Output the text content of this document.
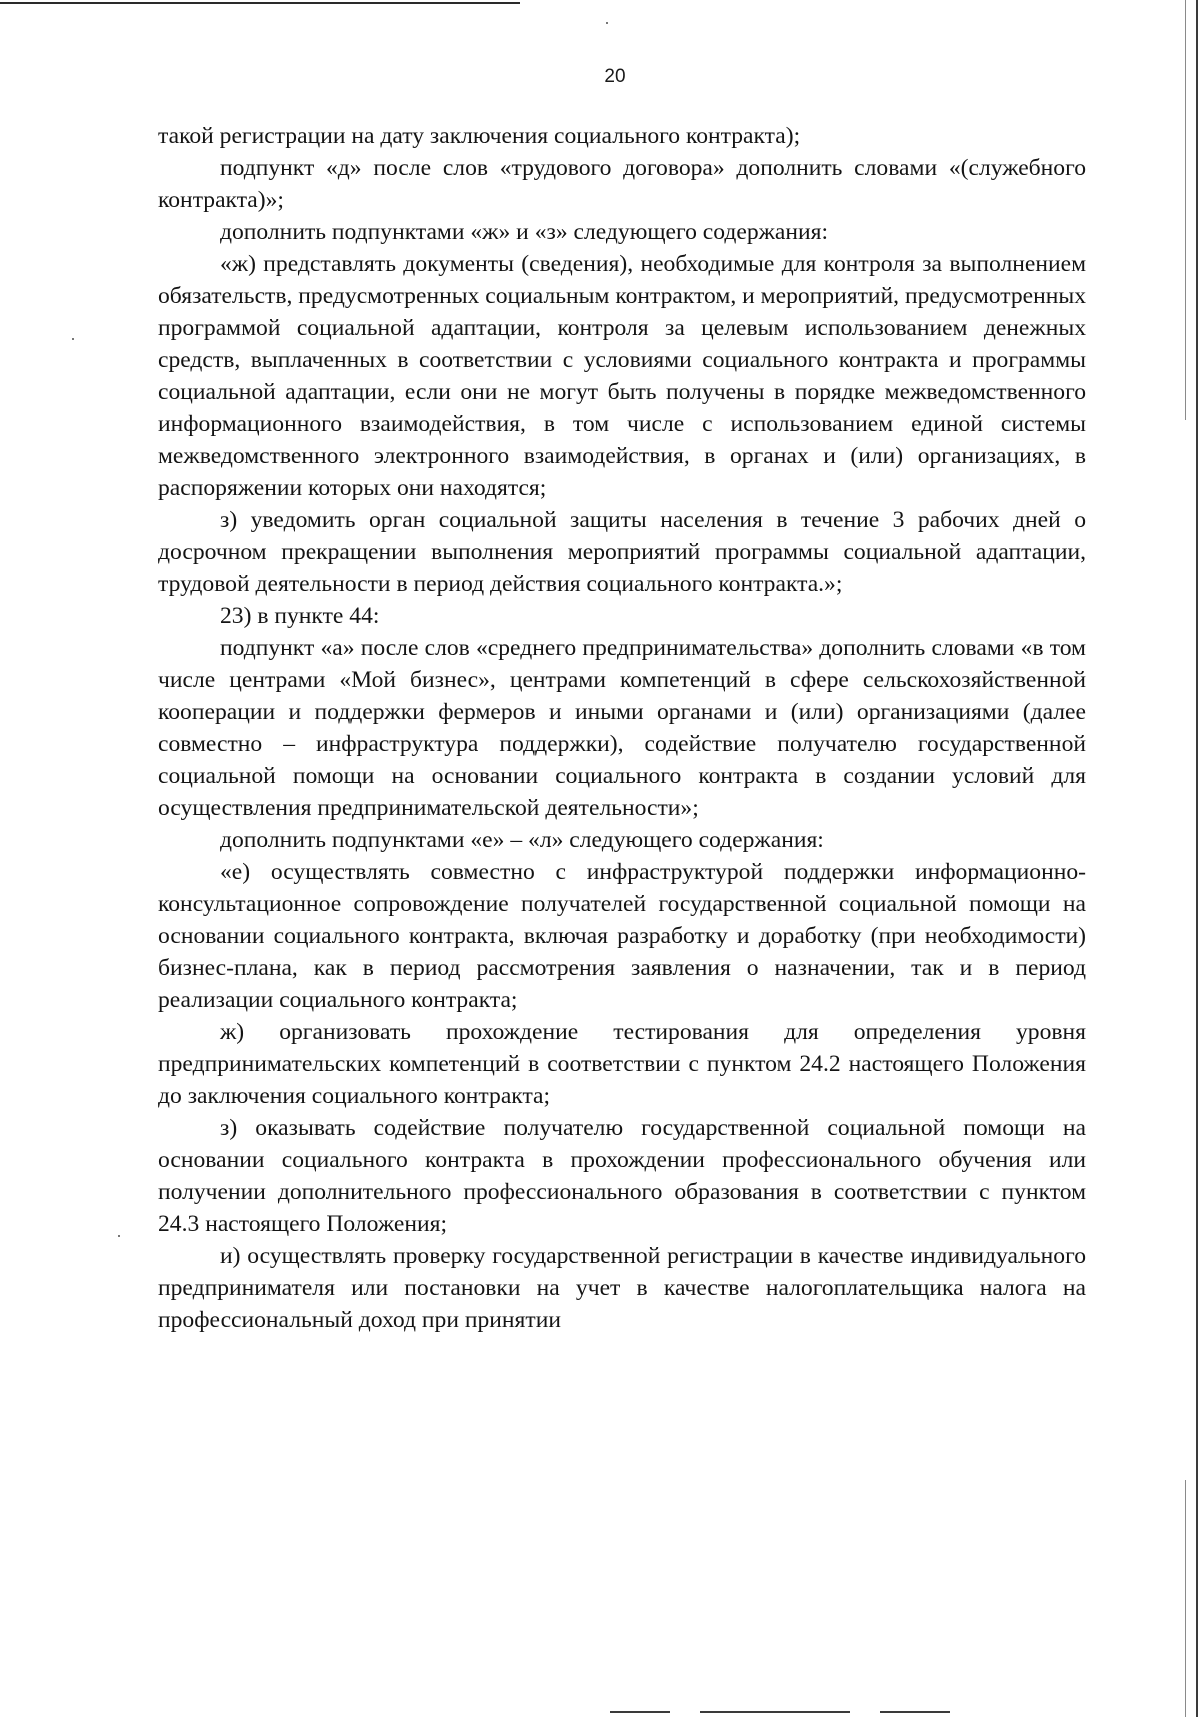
20

такой регистрации на дату заключения социального контракта);

подпункт «д» после слов «трудового договора» дополнить словами «(служебного контракта)»;

дополнить подпунктами «ж» и «з» следующего содержания:

«ж) представлять документы (сведения), необходимые для контроля за выполнением обязательств, предусмотренных социальным контрактом, и мероприятий, предусмотренных программой социальной адаптации, контроля за целевым использованием денежных средств, выплаченных в соответствии с условиями социального контракта и программы социальной адаптации, если они не могут быть получены в порядке межведомственного информационного взаимодействия, в том числе с использованием единой системы межведомственного электронного взаимодействия, в органах и (или) организациях, в распоряжении которых они находятся;

з) уведомить орган социальной защиты населения в течение 3 рабочих дней о досрочном прекращении выполнения мероприятий программы социальной адаптации, трудовой деятельности в период действия социального контракта.»;

23) в пункте 44:

подпункт «а» после слов «среднего предпринимательства» дополнить словами «в том числе центрами «Мой бизнес», центрами компетенций в сфере сельскохозяйственной кооперации и поддержки фермеров и иными органами и (или) организациями (далее совместно – инфраструктура поддержки), содействие получателю государственной социальной помощи на основании социального контракта в создании условий для осуществления предпринимательской деятельности»;

дополнить подпунктами «е» – «л» следующего содержания:

«е) осуществлять совместно с инфраструктурой поддержки информационно-консультационное сопровождение получателей государственной социальной помощи на основании социального контракта, включая разработку и доработку (при необходимости) бизнес-плана, как в период рассмотрения заявления о назначении, так и в период реализации социального контракта;

ж) организовать прохождение тестирования для определения уровня предпринимательских компетенций в соответствии с пунктом 24.2 настоящего Положения до заключения социального контракта;

з) оказывать содействие получателю государственной социальной помощи на основании социального контракта в прохождении профессионального обучения или получении дополнительного профессионального образования в соответствии с пунктом 24.3 настоящего Положения;

и) осуществлять проверку государственной регистрации в качестве индивидуального предпринимателя или постановки на учет в качестве налогоплательщика налога на профессиональный доход при принятии
